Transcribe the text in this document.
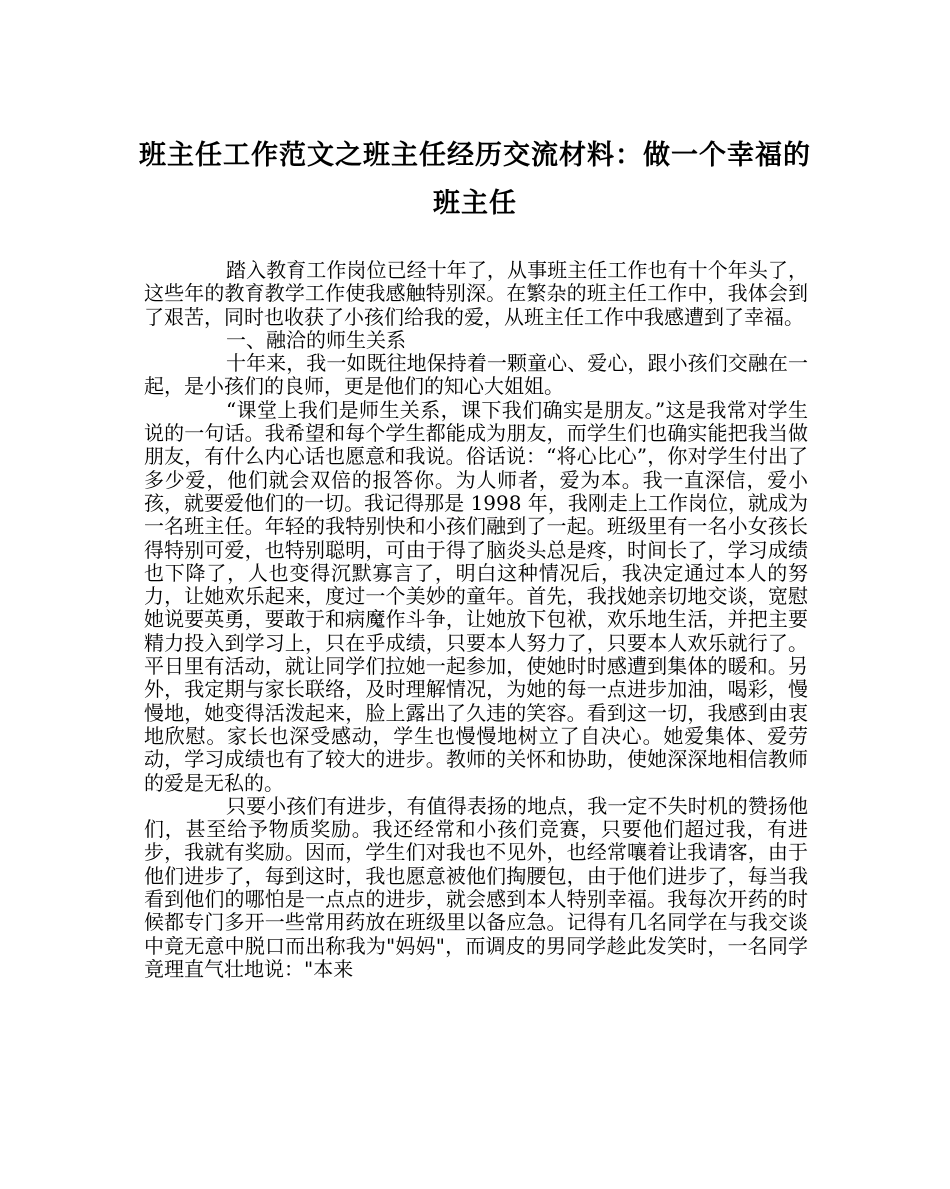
班主任工作范文之班主任经历交流材料：做一个幸福的
班主任

踏入教育工作岗位已经十年了，从事班主任工作也有十个年头了，这些年的教育教学工作使我感触特别深。在繁杂的班主任工作中，我体会到了艰苦，同时也收获了小孩们给我的爱，从班主任工作中我感遭到了幸福。

一、融洽的师生关系

十年来，我一如既往地保持着一颗童心、爱心，跟小孩们交融在一起，是小孩们的良师，更是他们的知心大姐姐。

“课堂上我们是师生关系，课下我们确实是朋友。”这是我常对学生说的一句话。我希望和每个学生都能成为朋友，而学生们也确实能把我当做朋友，有什么内心话也愿意和我说。俗话说：“将心比心”，你对学生付出了多少爱，他们就会双倍的报答你。为人师者，爱为本。我一直深信，爱小孩，就要爱他们的一切。我记得那是 1998 年，我刚走上工作岗位，就成为一名班主任。年轻的我特别快和小孩们融到了一起。班级里有一名小女孩长得特别可爱，也特别聪明，可由于得了脑炎头总是疼，时间长了，学习成绩也下降了，人也变得沉默寡言了，明白这种情况后，我决定通过本人的努力，让她欢乐起来，度过一个美妙的童年。首先，我找她亲切地交谈，宽慰她说要英勇，要敢于和病魔作斗争，让她放下包袱，欢乐地生活，并把主要精力投入到学习上，只在乎成绩，只要本人努力了，只要本人欢乐就行了。平日里有活动，就让同学们拉她一起参加，使她时时感遭到集体的暖和。另外，我定期与家长联络，及时理解情况，为她的每一点进步加油，喝彩，慢慢地，她变得活泼起来，脸上露出了久违的笑容。看到这一切，我感到由衷地欣慰。家长也深受感动，学生也慢慢地树立了自决心。她爱集体、爱劳动，学习成绩也有了较大的进步。教师的关怀和协助，使她深深地相信教师的爱是无私的。

只要小孩们有进步，有值得表扬的地点，我一定不失时机的赞扬他们，甚至给予物质奖励。我还经常和小孩们竞赛，只要他们超过我，有进步，我就有奖励。因而，学生们对我也不见外，也经常嚷着让我请客，由于他们进步了，每到这时，我也愿意被他们掏腰包，由于他们进步了，每当我看到他们的哪怕是一点点的进步，就会感到本人特别幸福。我每次开药的时候都专门多开一些常用药放在班级里以备应急。记得有几名同学在与我交谈中竟无意中脱口而出称我为"妈妈"，而调皮的男同学趁此发笑时，一名同学竟理直气壮地说："本来
